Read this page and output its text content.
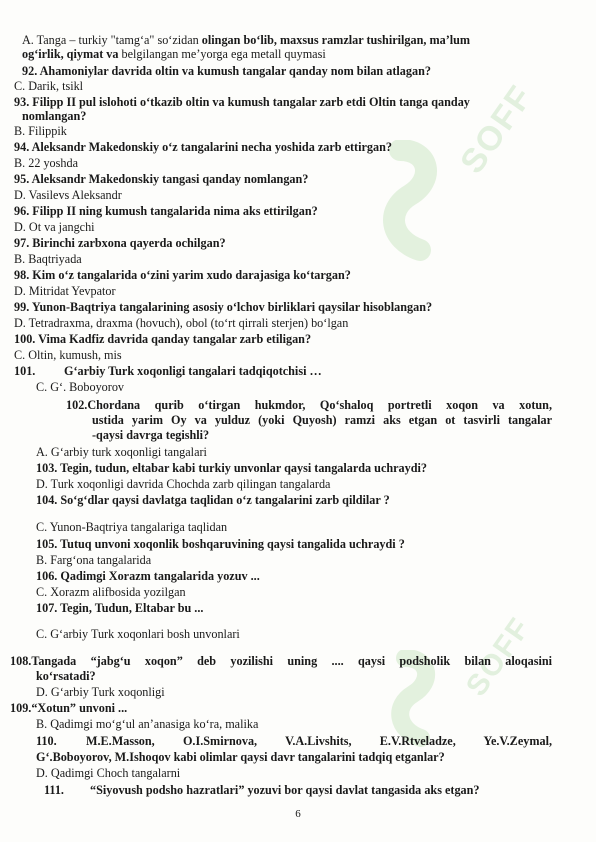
SOFF
SOFF
A. Tanga – turkiy "tamg‘a" so‘zidan olingan bo‘lib, maxsus ramzlar tushirilgan, ma’lum
og‘irlik, qiymat va belgilangan me’yorga ega metall quymasi
92. Ahamoniylar davrida oltin va kumush tangalar qanday nom bilan atlagan?
C. Darik, tsikl
93. Filipp II pul islohoti o‘tkazib oltin va kumush tangalar zarb etdi Oltin tanga qanday
nomlangan?
B. Filippik
94. Aleksandr Makedonskiy o‘z tangalarini necha yoshida zarb ettirgan?
B. 22 yoshda
95. Aleksandr Makedonskiy tangasi qanday nomlangan?
D. Vasilevs Aleksandr
96. Filipp II ning kumush tangalarida nima aks ettirilgan?
D. Ot va jangchi
97. Birinchi zarbxona qayerda ochilgan?
B. Baqtriyada
98. Kim o‘z tangalarida o‘zini yarim xudo darajasiga ko‘targan?
D. Mitridat Yevpator
99. Yunon-Baqtriya tangalarining asosiy o‘lchov birliklari qaysilar hisoblangan?
D. Tetradraxma, draxma (hovuch), obol (to‘rt qirrali sterjen) bo‘lgan
100. Vima Kadfiz davrida qanday tangalar zarb etiligan?
C. Oltin, kumush, mis
101. G‘arbiy Turk xoqonligi tangalari tadqiqotchisi …
C. G‘. Boboyorov
102.Chordana qurib o‘tirgan hukmdor, Qo‘shaloq portretli xoqon va xotun,
ustida yarim Oy va yulduz (yoki Quyosh) ramzi aks etgan ot tasvirli tangalar
-qaysi davrga tegishli?
A. G‘arbiy turk xoqonligi tangalari
103. Tegin, tudun, eltabar kabi turkiy unvonlar qaysi tangalarda uchraydi?
D. Turk xoqonligi davrida Chochda zarb qilingan tangalarda
104. So‘g‘dlar qaysi davlatga taqlidan o‘z tangalarini zarb qildilar ?
C. Yunon-Baqtriya tangalariga taqlidan
105. Tutuq unvoni xoqonlik boshqaruvining qaysi tangalida uchraydi ?
B. Farg‘ona tangalarida
106. Qadimgi Xorazm tangalarida yozuv ...
C. Xorazm alifbosida yozilgan
107. Tegin, Tudun, Eltabar bu ...
C. G‘arbiy Turk xoqonlari bosh unvonlari
108.Tangada “jabg‘u xoqon” deb yozilishi uning .... qaysi podsholik bilan aloqasini
ko‘rsatadi?
D. G‘arbiy Turk xoqonligi
109.“Xotun” unvoni ...
B. Qadimgi mo‘g‘ul an’anasiga ko‘ra, malika
110. M.E.Masson, O.I.Smirnova, V.A.Livshits, E.V.Rtveladze, Ye.V.Zeymal,
G‘.Boboyorov, M.Ishoqov kabi olimlar qaysi davr tangalarini tadqiq etganlar?
D. Qadimgi Choch tangalarni
111. “Siyovush podsho hazratlari” yozuvi bor qaysi davlat tangasida aks etgan?
6
